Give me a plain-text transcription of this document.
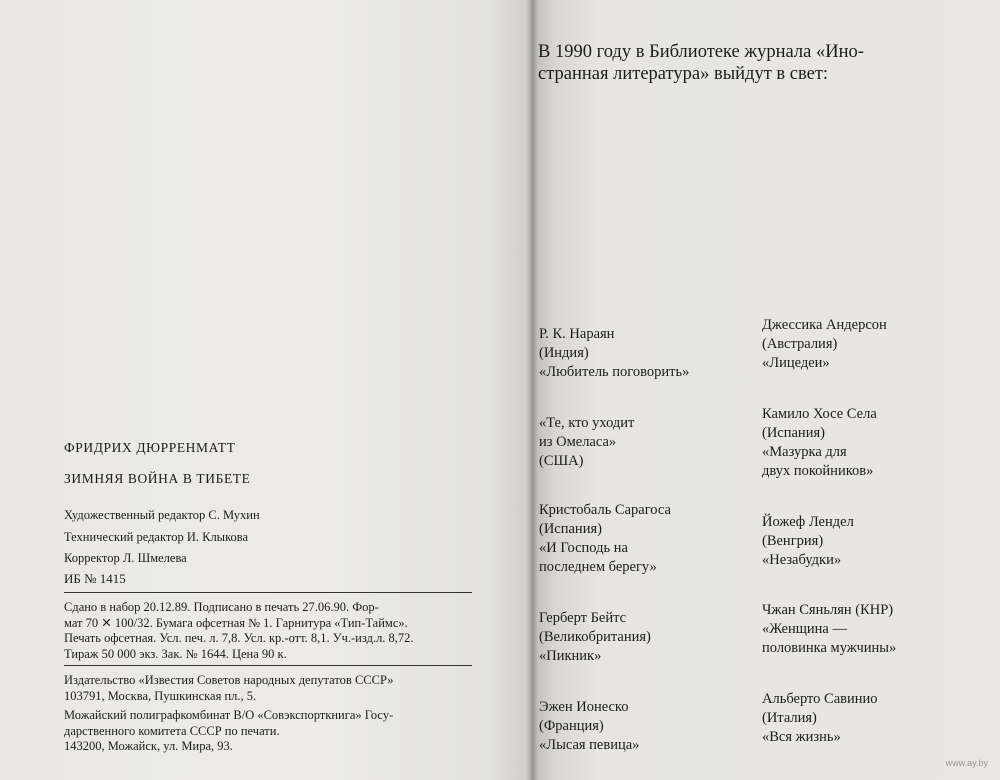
ФРИДРИХ ДЮРРЕНМАТТ
ЗИМНЯЯ ВОЙНА В ТИБЕТЕ
Художественный редактор С. Мухин
Технический редактор И. Клыкова
Корректор Л. Шмелева
ИБ № 1415
Сдано в набор 20.12.89. Подписано в печать 27.06.90. Фор-
мат 70 ✕ 100/32. Бумага офсетная № 1. Гарнитура «Тип-Таймс».
Печать офсетная. Усл. печ. л. 7,8. Усл. кр.-отт. 8,1. Уч.-изд.л. 8,72.
Тираж 50 000 экз. Зак. № 1644. Цена 90 к.
Издательство «Известия Советов народных депутатов СССР»
103791, Москва, Пушкинская пл., 5.
Можайский полиграфкомбинат В/О «Совэкспорткнига» Госу-
дарственного комитета СССР по печати.
143200, Можайск, ул. Мира, 93.
В 1990 году в Библиотеке журнала «Ино-
странная литература» выйдут в свет:
Р. К. Нараян
(Индия)
«Любитель поговорить»
«Те, кто уходит
из Омеласа»
(США)
Кристобаль Сарагоса
(Испания)
«И Господь на
последнем берегу»
Герберт Бейтс
(Великобритания)
«Пикник»
Эжен Ионеско
(Франция)
«Лысая певица»
Джессика Андерсон
(Австралия)
«Лицедеи»
Камило Хосе Села
(Испания)
«Мазурка для
двух покойников»
Йожеф Лендел
(Венгрия)
«Незабудки»
Чжан Сяньлян (КНР)
«Женщина —
половинка мужчины»
Альберто Савинио
(Италия)
«Вся жизнь»
www.ay.by
